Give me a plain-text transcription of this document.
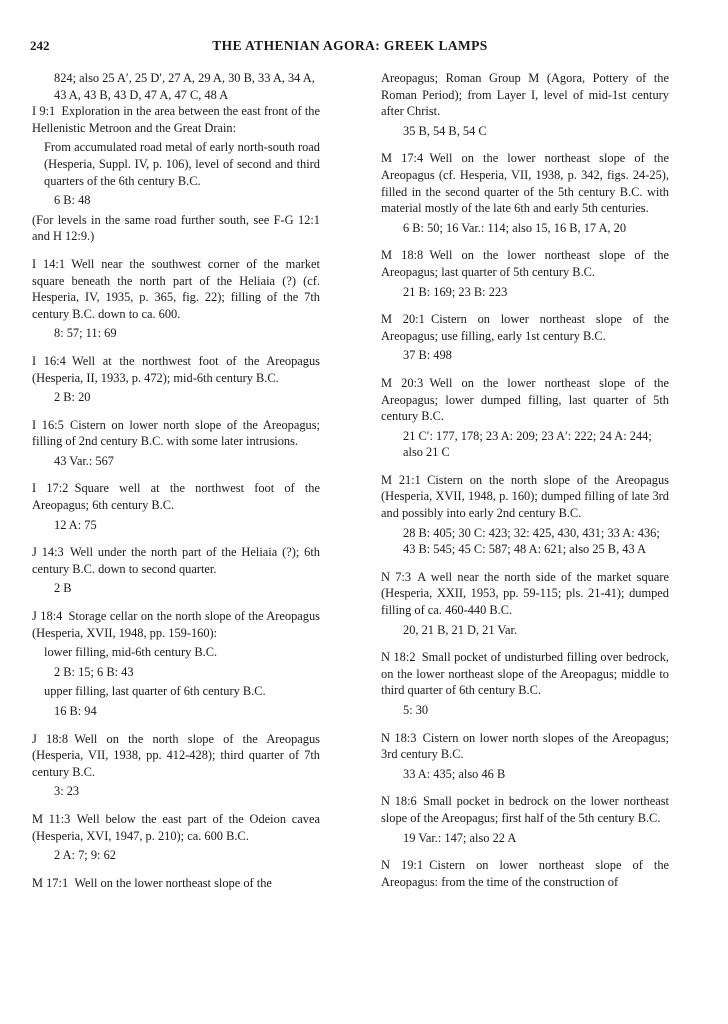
242	THE ATHENIAN AGORA: GREEK LAMPS

824; also 25 A′, 25 D′, 27 A, 29 A, 30 B, 33 A, 34 A, 43 A, 43 B, 43 D, 47 A, 47 C, 48 A

I 9:1  Exploration in the area between the east front of the Hellenistic Metroon and the Great Drain:

From accumulated road metal of early north-south road (Hesperia, Suppl. IV, p. 106), level of second and third quarters of the 6th century B.C.

6 B: 48

(For levels in the same road further south, see F-G 12:1 and H 12:9.)

I 14:1  Well near the southwest corner of the market square beneath the north part of the Heliaia (?) (cf. Hesperia, IV, 1935, p. 365, fig. 22); filling of the 7th century B.C. down to ca. 600.

8: 57; 11: 69

I 16:4  Well at the northwest foot of the Areopagus (Hesperia, II, 1933, p. 472); mid-6th century B.C.

2 B: 20

I 16:5  Cistern on lower north slope of the Areopagus; filling of 2nd century B.C. with some later intrusions.

43 Var.: 567

I 17:2  Square well at the northwest foot of the Areopagus; 6th century B.C.

12 A: 75

J 14:3  Well under the north part of the Heliaia (?); 6th century B.C. down to second quarter.

2 B

J 18:4  Storage cellar on the north slope of the Areopagus (Hesperia, XVII, 1948, pp. 159-160):

lower filling, mid-6th century B.C.

2 B: 15; 6 B: 43

upper filling, last quarter of 6th century B.C.

16 B: 94

J 18:8  Well on the north slope of the Areopagus (Hesperia, VII, 1938, pp. 412-428); third quarter of 7th century B.C.

3: 23

M 11:3  Well below the east part of the Odeion cavea (Hesperia, XVI, 1947, p. 210); ca. 600 B.C.

2 A: 7; 9: 62

M 17:1  Well on the lower northeast slope of the

Areopagus; Roman Group M (Agora, Pottery of the Roman Period); from Layer I, level of mid-1st century after Christ.

35 B, 54 B, 54 C

M 17:4  Well on the lower northeast slope of the Areopagus (cf. Hesperia, VII, 1938, p. 342, figs. 24-25), filled in the second quarter of the 5th century B.C. with material mostly of the late 6th and early 5th centuries.

6 B: 50; 16 Var.: 114; also 15, 16 B, 17 A, 20

M 18:8  Well on the lower northeast slope of the Areopagus; last quarter of 5th century B.C.

21 B: 169; 23 B: 223

M 20:1  Cistern on lower northeast slope of the Areopagus; use filling, early 1st century B.C.

37 B: 498

M 20:3  Well on the lower northeast slope of the Areopagus; lower dumped filling, last quarter of 5th century B.C.

21 C′: 177, 178; 23 A: 209; 23 A′: 222; 24 A: 244; also 21 C

M 21:1  Cistern on the north slope of the Areopagus (Hesperia, XVII, 1948, p. 160); dumped filling of late 3rd and possibly into early 2nd century B.C.

28 B: 405; 30 C: 423; 32: 425, 430, 431; 33 A: 436; 43 B: 545; 45 C: 587; 48 A: 621; also 25 B, 43 A

N 7:3  A well near the north side of the market square (Hesperia, XXII, 1953, pp. 59-115; pls. 21-41); dumped filling of ca. 460-440 B.C.

20, 21 B, 21 D, 21 Var.

N 18:2  Small pocket of undisturbed filling over bedrock, on the lower northeast slope of the Areopagus; middle to third quarter of 6th century B.C.

5: 30

N 18:3  Cistern on lower north slopes of the Areopagus; 3rd century B.C.

33 A: 435; also 46 B

N 18:6  Small pocket in bedrock on the lower northeast slope of the Areopagus; first half of the 5th century B.C.

19 Var.: 147; also 22 A

N 19:1  Cistern on lower northeast slope of the Areopagus: from the time of the construction of
